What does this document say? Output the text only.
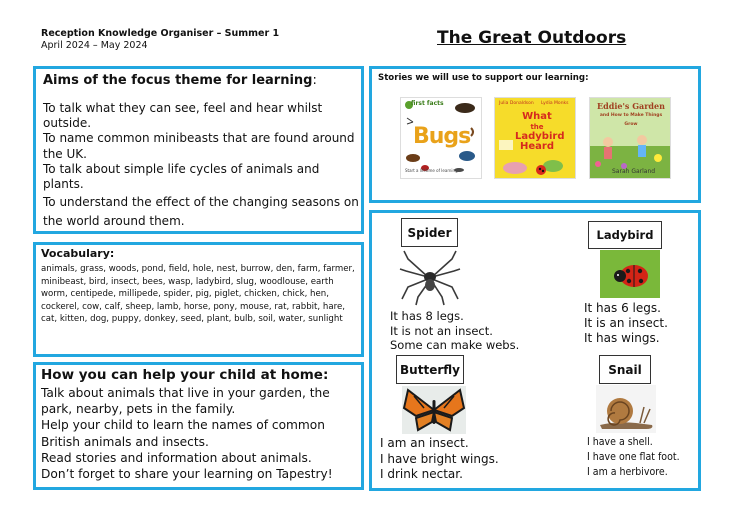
Reception Knowledge Organiser – Summer 1
April 2024 – May 2024	The Great Outdoors
Aims of the focus theme for learning:
To talk what they can see, feel and hear whilst outside.
To name common minibeasts that are found around the UK.
To talk about simple life cycles of animals and plants.
To understand the effect of the changing seasons on the world around them.
Vocabulary:
animals, grass, woods, pond, field, hole, nest, burrow, den, farm, farmer, minibeast, bird, insect, bees, wasp, ladybird, slug, woodlouse, earth worm, centipede, millipede, spider, pig, piglet, chicken, chick, hen, cockerel, cow, calf, sheep, lamb, horse, pony, mouse, rat, rabbit, hare, cat, kitten, dog, puppy, donkey, seed, plant, bulb, soil, water, sunlight
How you can help your child at home:
Talk about animals that live in your garden, the park, nearby, pets in the family.
Help your child to learn the names of common British animals and insects.
Read stories and information about animals.
Don’t forget to share your learning on Tapestry!
Stories we will use to support our learning:
first facts
Bugs
Start a lifetime of learning
Julia Donaldson Lydia Monks
What
the
Ladybird
Heard
Eddie's Garden
and How to Make Things Grow
Sarah Garland
Spider
It has 8 legs.
It is not an insect.
Some can make webs.
Ladybird
It has 6 legs.
It is an insect.
It has wings.
Butterfly
I am an insect.
I have bright wings.
I drink nectar.
Snail
I have a shell.
I have one flat foot.
I am a herbivore.
